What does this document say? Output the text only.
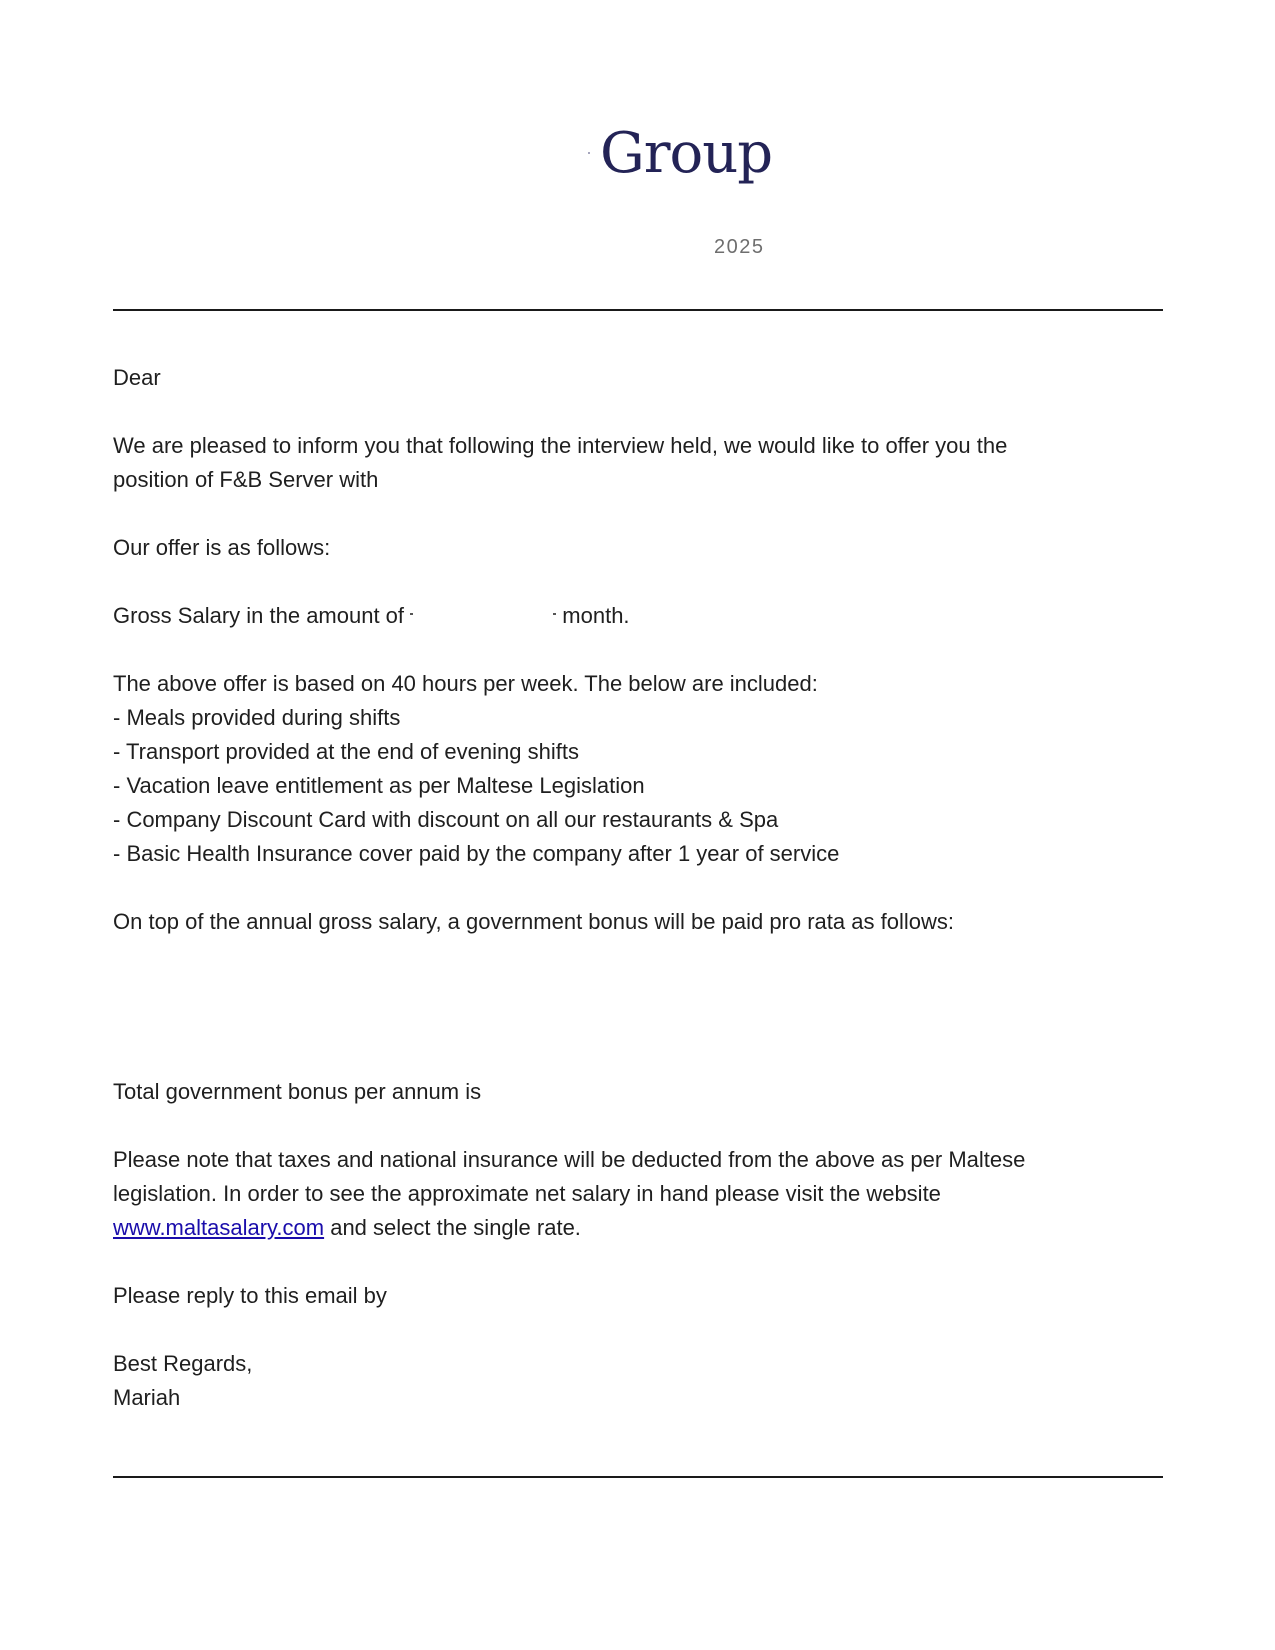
Group
2025
Dear
We are pleased to inform you that following the interview held, we would like to offer you the
position of F&B Server with
Our offer is as follows:
Gross Salary in the amount of	month.
The above offer is based on 40 hours per week. The below are included:
- Meals provided during shifts
- Transport provided at the end of evening shifts
- Vacation leave entitlement as per Maltese Legislation
- Company Discount Card with discount on all our restaurants & Spa
- Basic Health Insurance cover paid by the company after 1 year of service
On top of the annual gross salary, a government bonus will be paid pro rata as follows:
Total government bonus per annum is
Please note that taxes and national insurance will be deducted from the above as per Maltese
legislation. In order to see the approximate net salary in hand please visit the website
www.maltasalary.com and select the single rate.
Please reply to this email by
Best Regards,
Mariah
